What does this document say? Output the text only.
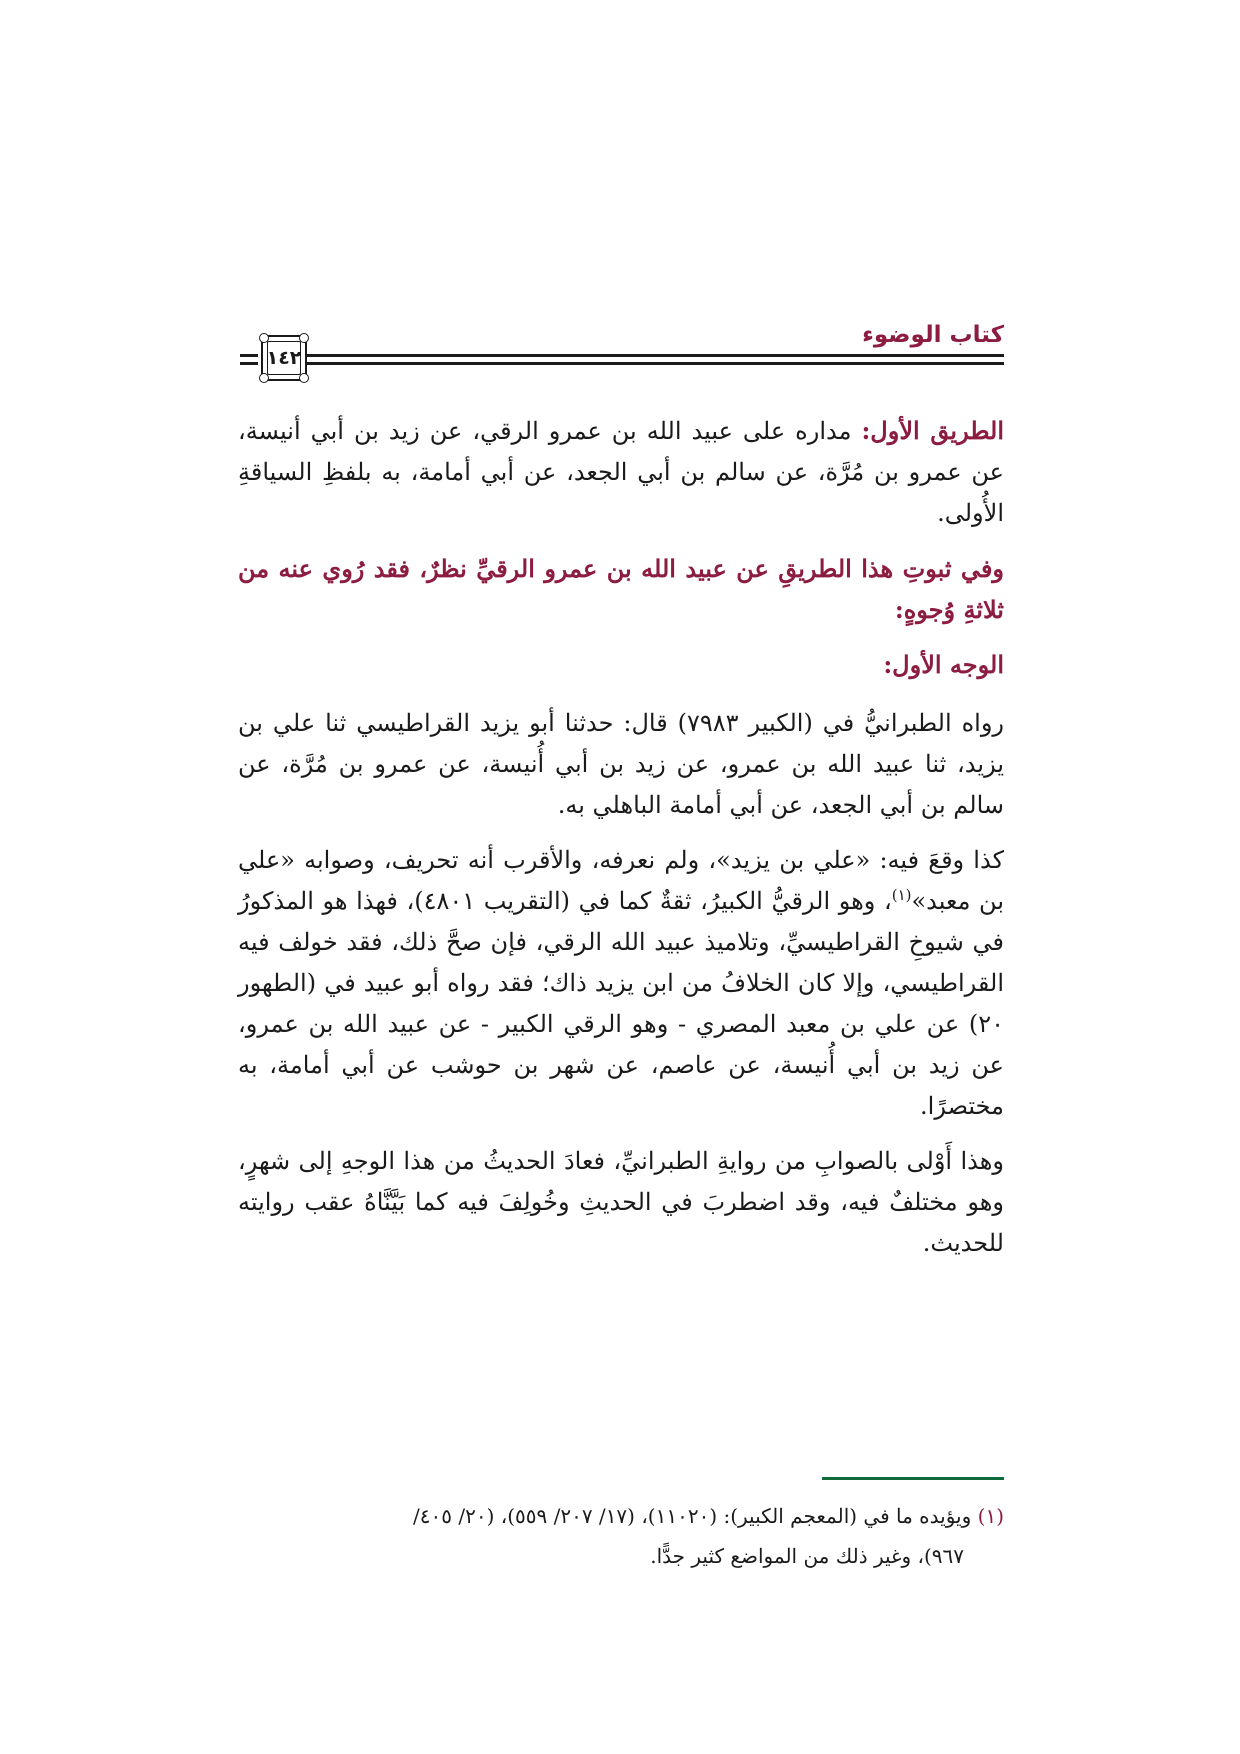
كتاب الوضوء
١٤٢

الطريق الأول: مداره على عبيد الله بن عمرو الرقي، عن زيد بن أبي أنيسة، عن عمرو بن مُرَّة، عن سالم بن أبي الجعد، عن أبي أمامة، به بلفظِ السياقةِ الأُولى.

وفي ثبوتِ هذا الطريقِ عن عبيد الله بن عمرو الرقيِّ نظرٌ، فقد رُوي عنه من ثلاثةِ وُجوهٍ:

الوجه الأول:

رواه الطبرانيُّ في (الكبير ٧٩٨٣) قال: حدثنا أبو يزيد القراطيسي ثنا علي بن يزيد، ثنا عبيد الله بن عمرو، عن زيد بن أبي أُنيسة، عن عمرو بن مُرَّة، عن سالم بن أبي الجعد، عن أبي أمامة الباهلي به.

كذا وقعَ فيه: «علي بن يزيد»، ولم نعرفه، والأقرب أنه تحريف، وصوابه «علي بن معبد»$^{(١)}$، وهو الرقيُّ الكبيرُ، ثقةٌ كما في (التقريب ٤٨٠١)، فهذا هو المذكورُ في شيوخِ القراطيسيِّ، وتلاميذ عبيد الله الرقي، فإن صحَّ ذلك، فقد خولف فيه القراطيسي، وإلا كان الخلافُ من ابن يزيد ذاك؛ فقد رواه أبو عبيد في (الطهور ٢٠) عن علي بن معبد المصري - وهو الرقي الكبير - عن عبيد الله بن عمرو، عن زيد بن أبي أُنيسة، عن عاصم، عن شهر بن حوشب عن أبي أمامة، به مختصرًا.

وهذا أَوْلى بالصوابِ من روايةِ الطبرانيِّ، فعادَ الحديثُ من هذا الوجهِ إلى شهرٍ، وهو مختلفٌ فيه، وقد اضطربَ في الحديثِ وخُولِفَ فيه كما بَيَّنَّاهُ عقب روايته للحديث.

(١) ويؤيده ما في (المعجم الكبير): (١١٠٢٠)، (١٧/ ٢٠٧/ ٥٥٩)، (٢٠/ ٤٠٥/

٩٦٧)، وغير ذلك من المواضع كثير جدًّا.
